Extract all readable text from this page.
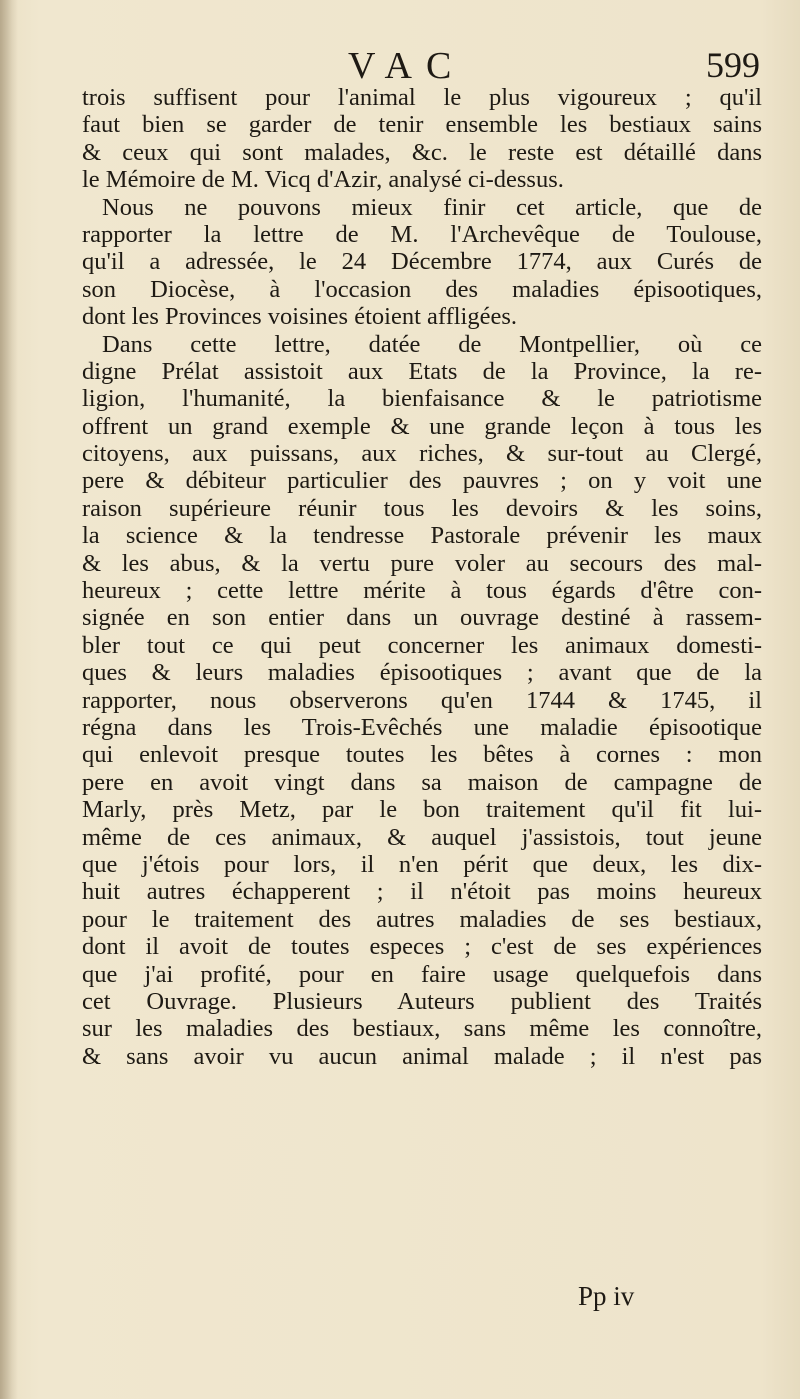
VAC	599
trois suffisent pour l'animal le plus vigoureux ; qu'il
faut bien se garder de tenir ensemble les bestiaux sains
& ceux qui sont malades, &c. le reste est détaillé dans
le Mémoire de M. Vicq d'Azir, analysé ci-dessus.
Nous ne pouvons mieux finir cet article, que de
rapporter la lettre de M. l'Archevêque de Toulouse,
qu'il a adressée, le 24 Décembre 1774, aux Curés de
son Diocèse, à l'occasion des maladies épisootiques,
dont les Provinces voisines étoient affligées.
Dans cette lettre, datée de Montpellier, où ce
digne Prélat assistoit aux Etats de la Province, la re-
ligion, l'humanité, la bienfaisance & le patriotisme
offrent un grand exemple & une grande leçon à tous les
citoyens, aux puissans, aux riches, & sur-tout au Clergé,
pere & débiteur particulier des pauvres ; on y voit une
raison supérieure réunir tous les devoirs & les soins,
la science & la tendresse Pastorale prévenir les maux
& les abus, & la vertu pure voler au secours des mal-
heureux ; cette lettre mérite à tous égards d'être con-
signée en son entier dans un ouvrage destiné à rassem-
bler tout ce qui peut concerner les animaux domesti-
ques & leurs maladies épisootiques ; avant que de la
rapporter, nous observerons qu'en 1744 & 1745, il
régna dans les Trois-Evêchés une maladie épisootique
qui enlevoit presque toutes les bêtes à cornes : mon
pere en avoit vingt dans sa maison de campagne de
Marly, près Metz, par le bon traitement qu'il fit lui-
même de ces animaux, & auquel j'assistois, tout jeune
que j'étois pour lors, il n'en périt que deux, les dix-
huit autres échapperent ; il n'étoit pas moins heureux
pour le traitement des autres maladies de ses bestiaux,
dont il avoit de toutes especes ; c'est de ses expériences
que j'ai profité, pour en faire usage quelquefois dans
cet Ouvrage. Plusieurs Auteurs publient des Traités
sur les maladies des bestiaux, sans même les connoître,
& sans avoir vu aucun animal malade ; il n'est pas
Pp iv
